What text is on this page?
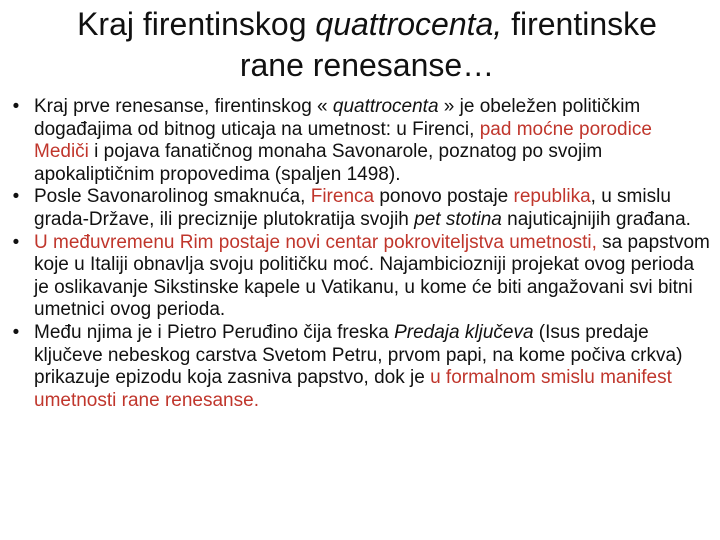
Kraj firentinskog quattrocenta, firentinske
rane renesanse…
• Kraj prve renesanse, firentinskog « quattrocenta » je obeležen političkim događajima od bitnog uticaja na umetnost: u Firenci, pad moćne porodice Mediči i pojava fanatičnog monaha Savonarole, poznatog po svojim apokaliptičnim propovedima (spaljen 1498).
• Posle Savonarolinog smaknuća, Firenca ponovo postaje republika, u smislu grada-Države, ili preciznije plutokratija svojih pet stotina najuticajnijih građana.
• U međuvremenu Rim postaje novi centar pokroviteljstva umetnosti, sa papstvom koje u Italiji obnavlja svoju političku moć. Najambiciozniji projekat ovog perioda je oslikavanje Sikstinske kapele u Vatikanu, u kome će biti angažovani svi bitni umetnici ovog perioda.
• Među njima je i Pietro Peruđino čija freska Predaja ključeva (Isus predaje ključeve nebeskog carstva Svetom Petru, prvom papi, na kome počiva crkva) prikazuje epizodu koja zasniva papstvo, dok je u formalnom smislu manifest umetnosti rane renesanse.
